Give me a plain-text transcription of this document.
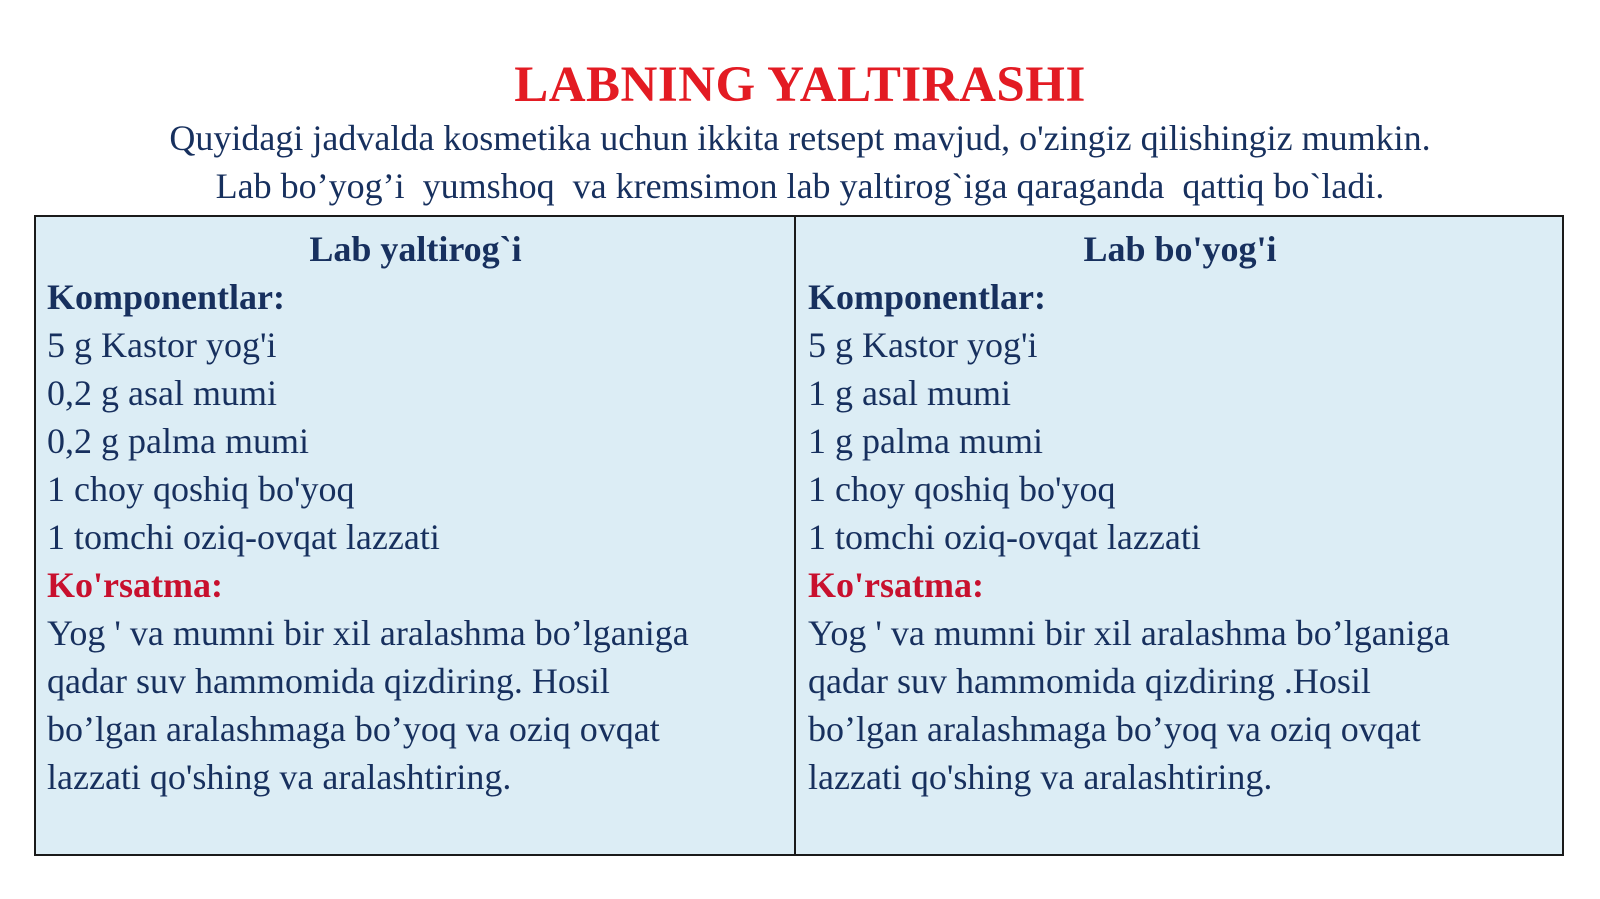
LABNING YALTIRASHI
Quyidagi jadvalda kosmetika uchun ikkita retsept mavjud, o'zingiz qilishingiz mumkin.
Lab bo’yog’i  yumshoq  va kremsimon lab yaltirog`iga qaraganda  qattiq bo`ladi.
Lab yaltirog`i
Komponentlar:
5 g Kastor yog'i
0,2 g asal mumi
0,2 g palma mumi
1 choy qoshiq bo'yoq
1 tomchi oziq-ovqat lazzati
Ko'rsatma:
Yog ' va mumni bir xil aralashma bo’lganiga
qadar suv hammomida qizdiring. Hosil
bo’lgan aralashmaga bo’yoq va oziq ovqat
lazzati qo'shing va aralashtiring.
Lab bo'yog'i
Komponentlar:
5 g Kastor yog'i
1 g asal mumi
1 g palma mumi
1 choy qoshiq bo'yoq
1 tomchi oziq-ovqat lazzati
Ko'rsatma:
Yog ' va mumni bir xil aralashma bo’lganiga
qadar suv hammomida qizdiring .Hosil
bo’lgan aralashmaga bo’yoq va oziq ovqat
lazzati qo'shing va aralashtiring.
